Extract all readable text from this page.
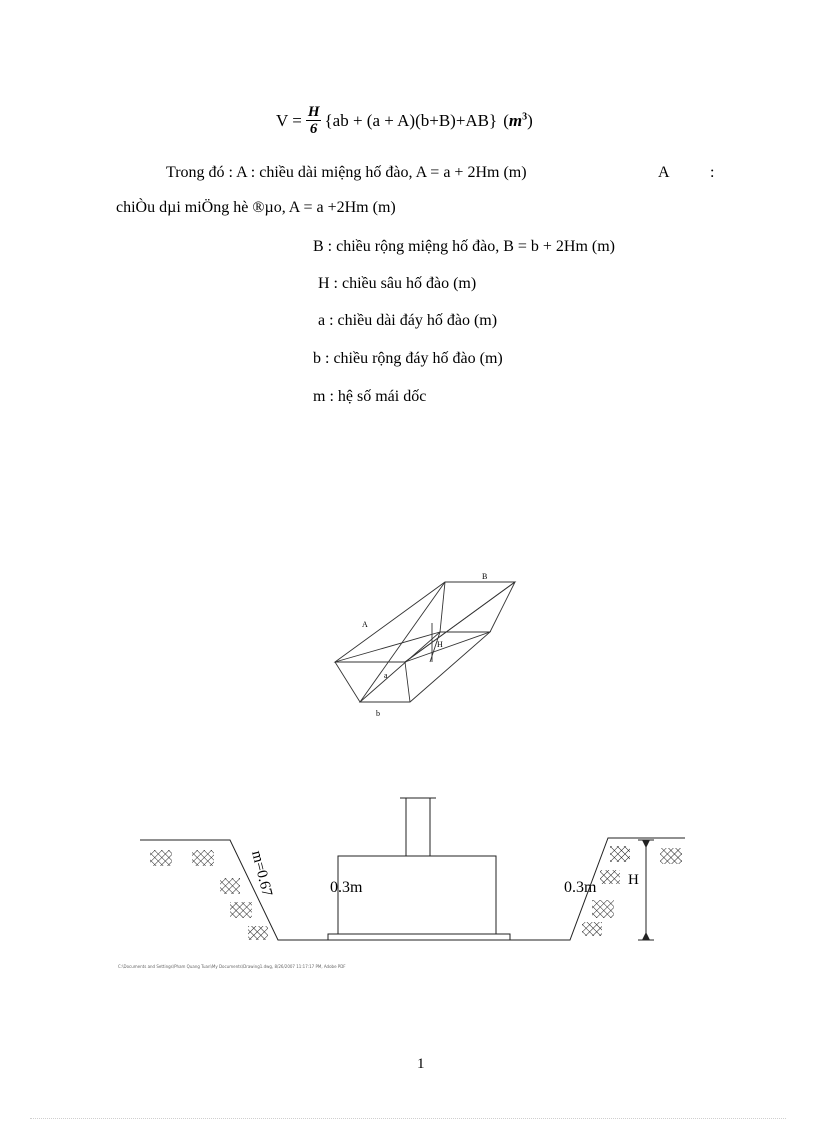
$V = \frac{H}{6} \{ab + (a + A)(b+B)+AB\}$ $(m^3)$
Trong đó : A : chiều dài miệng hố đào, A = a + 2Hm (m)	A	:
chiÒu dµi miÖng hè ®µo, A = a +2Hm (m)
B : chiều rộng miệng hố đào, B = b + 2Hm (m)
H : chiều sâu hố đào (m)
a : chiều dài đáy hố đào (m)
b : chiều rộng đáy hố đào (m)
m : hệ số mái dốc
A
B
H
a
b
m=0.67	0.3m	0.3m H
C:\Documents and Settings\Pham Quang Tuan\My Documents\Drawing1.dwg, 8/26/2007 11:17:17 PM, Adobe PDF
1
